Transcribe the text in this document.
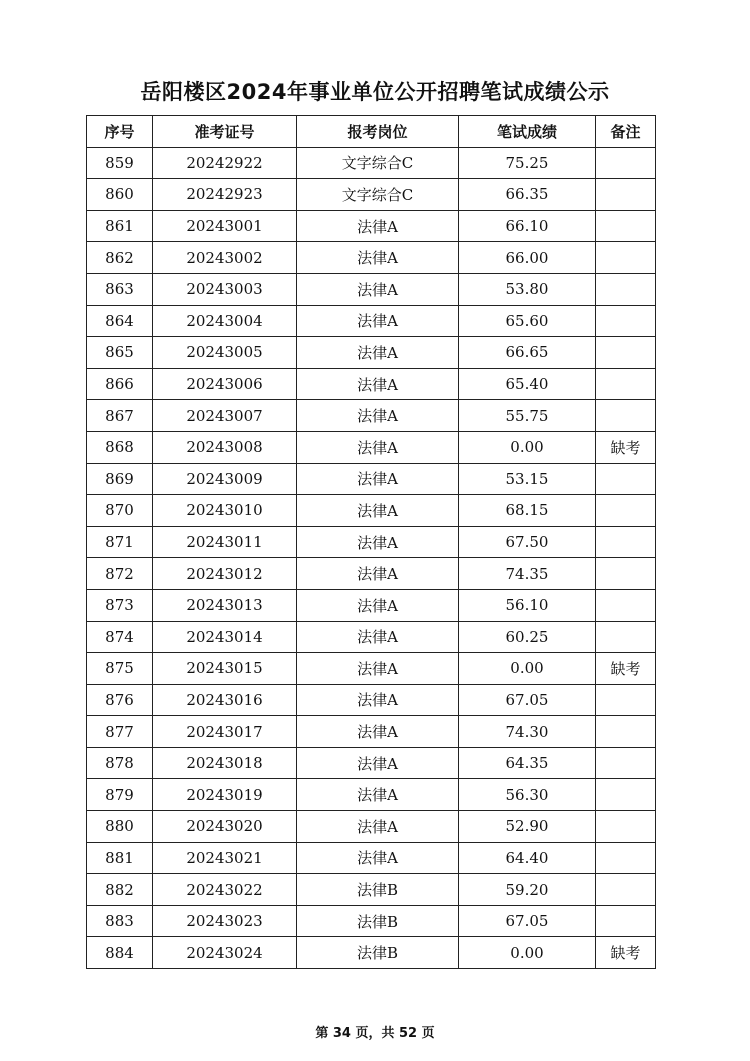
岳阳楼区2024年事业单位公开招聘笔试成绩公示
序号	准考证号	报考岗位	笔试成绩	备注
859	20242922	文字综合C	75.25	
860	20242923	文字综合C	66.35	
861	20243001	法律A	66.10	
862	20243002	法律A	66.00	
863	20243003	法律A	53.80	
864	20243004	法律A	65.60	
865	20243005	法律A	66.65	
866	20243006	法律A	65.40	
867	20243007	法律A	55.75	
868	20243008	法律A	0.00	缺考
869	20243009	法律A	53.15	
870	20243010	法律A	68.15	
871	20243011	法律A	67.50	
872	20243012	法律A	74.35	
873	20243013	法律A	56.10	
874	20243014	法律A	60.25	
875	20243015	法律A	0.00	缺考
876	20243016	法律A	67.05	
877	20243017	法律A	74.30	
878	20243018	法律A	64.35	
879	20243019	法律A	56.30	
880	20243020	法律A	52.90	
881	20243021	法律A	64.40	
882	20243022	法律B	59.20	
883	20243023	法律B	67.05	
884	20243024	法律B	0.00	缺考
第 34 页，共 52 页
